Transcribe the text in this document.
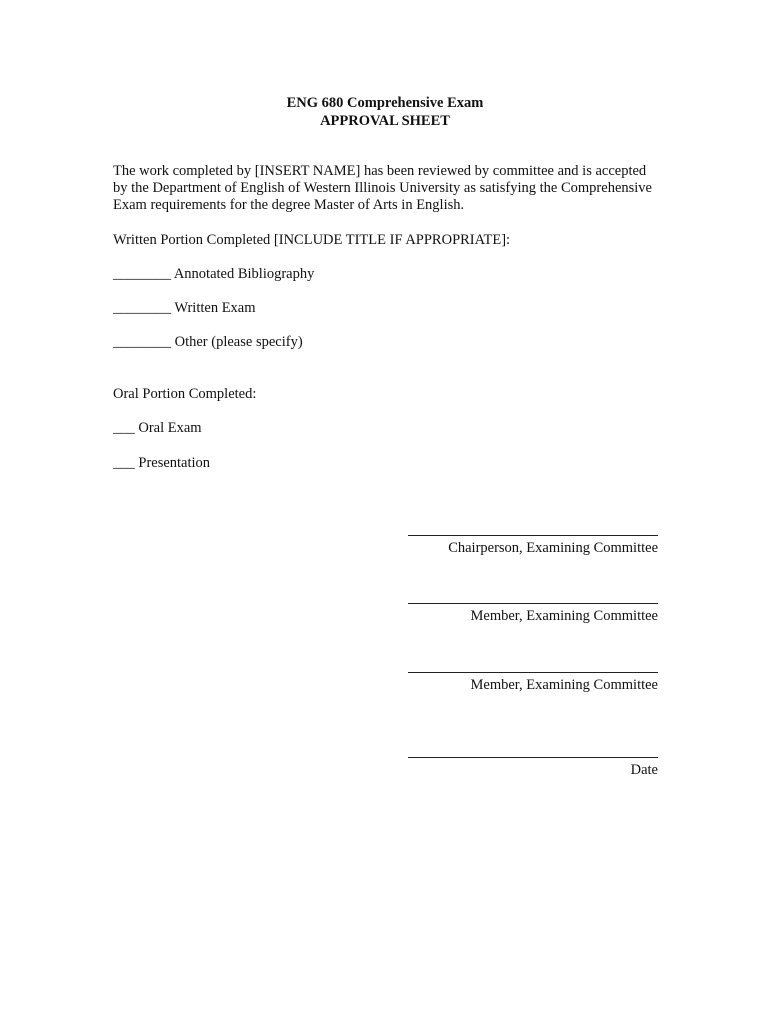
ENG 680 Comprehensive Exam
APPROVAL SHEET
The work completed by [INSERT NAME] has been reviewed by committee and is accepted
by the Department of English of Western Illinois University as satisfying the Comprehensive
Exam requirements for the degree Master of Arts in English.
Written Portion Completed [INCLUDE TITLE IF APPROPRIATE]:
________ Annotated Bibliography
________ Written Exam
________ Other (please specify)
Oral Portion Completed:
___ Oral Exam
___ Presentation
Chairperson, Examining Committee
Member, Examining Committee
Member, Examining Committee
Date
